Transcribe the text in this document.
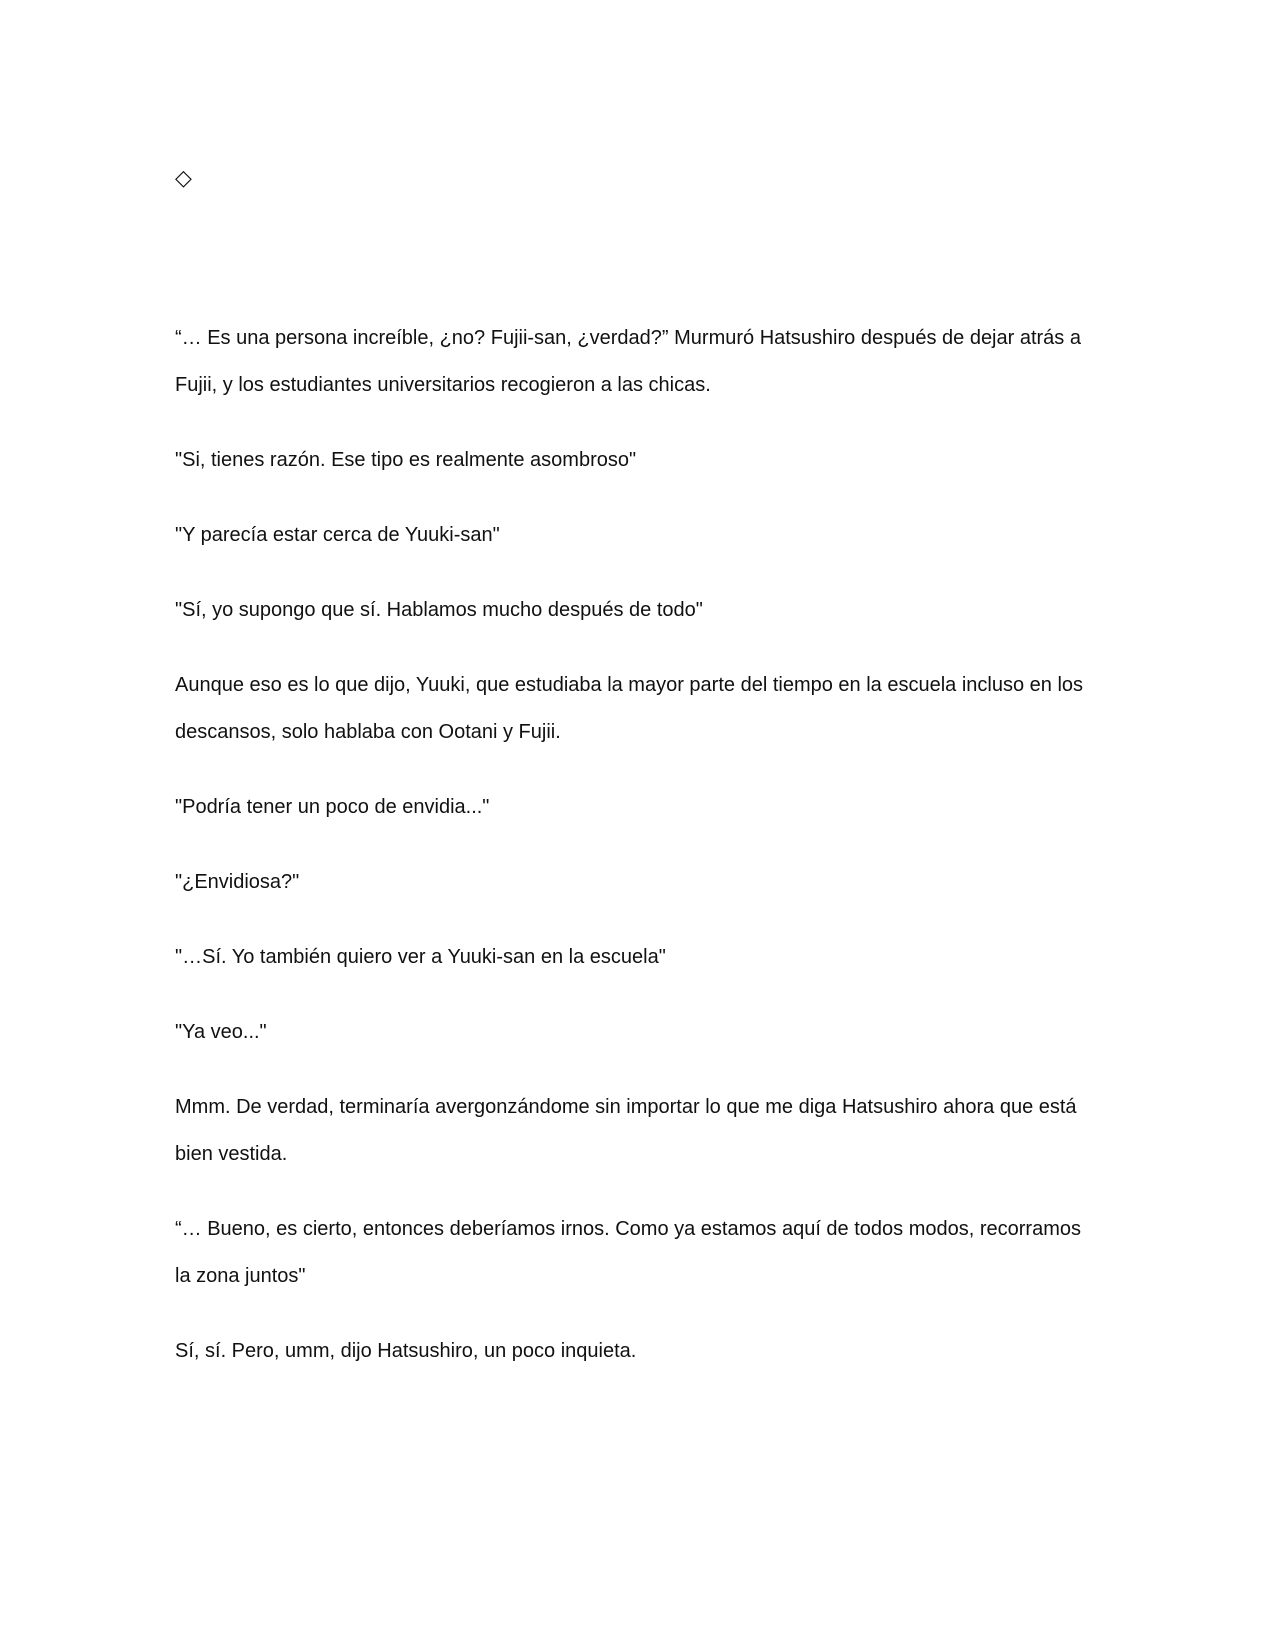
◇

“… Es una persona increíble, ¿no? Fujii-san, ¿verdad?” Murmuró Hatsushiro después de dejar atrás a Fujii, y los estudiantes universitarios recogieron a las chicas.

"Si, tienes razón. Ese tipo es realmente asombroso"

"Y parecía estar cerca de Yuuki-san"

"Sí, yo supongo que sí. Hablamos mucho después de todo"

Aunque eso es lo que dijo, Yuuki, que estudiaba la mayor parte del tiempo en la escuela incluso en los descansos, solo hablaba con Ootani y Fujii.

"Podría tener un poco de envidia..."

"¿Envidiosa?"

"…Sí. Yo también quiero ver a Yuuki-san en la escuela"

"Ya veo..."

Mmm. De verdad, terminaría avergonzándome sin importar lo que me diga Hatsushiro ahora que está bien vestida.

“… Bueno, es cierto, entonces deberíamos irnos. Como ya estamos aquí de todos modos, recorramos la zona juntos"

Sí, sí. Pero, umm, dijo Hatsushiro, un poco inquieta.
